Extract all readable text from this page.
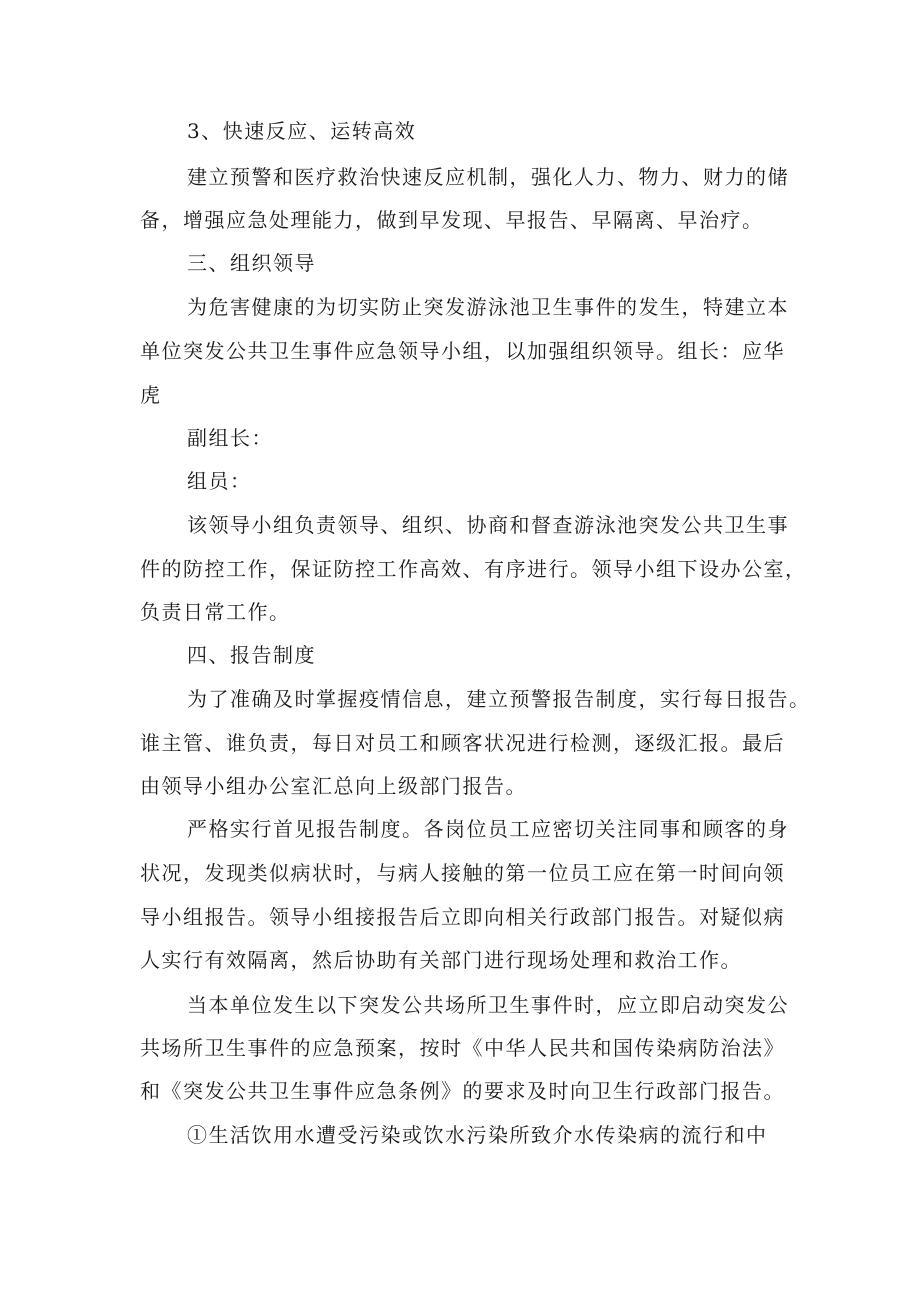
3、快速反应、运转高效
建立预警和医疗救治快速反应机制，强化人力、物力、财力的储
备，增强应急处理能力，做到早发现、早报告、早隔离、早治疗。
三、组织领导
为危害健康的为切实防止突发游泳池卫生事件的发生，特建立本
单位突发公共卫生事件应急领导小组，以加强组织领导。组长：应华
虎
副组长：
组员：
该领导小组负责领导、组织、协商和督查游泳池突发公共卫生事
件的防控工作，保证防控工作高效、有序进行。领导小组下设办公室，
负责日常工作。
四、报告制度
为了准确及时掌握疫情信息，建立预警报告制度，实行每日报告。
谁主管、谁负责，每日对员工和顾客状况进行检测，逐级汇报。最后
由领导小组办公室汇总向上级部门报告。
严格实行首见报告制度。各岗位员工应密切关注同事和顾客的身
状况，发现类似病状时，与病人接触的第一位员工应在第一时间向领
导小组报告。领导小组接报告后立即向相关行政部门报告。对疑似病
人实行有效隔离，然后协助有关部门进行现场处理和救治工作。
当本单位发生以下突发公共场所卫生事件时，应立即启动突发公
共场所卫生事件的应急预案，按时《中华人民共和国传染病防治法》
和《突发公共卫生事件应急条例》的要求及时向卫生行政部门报告。
①生活饮用水遭受污染或饮水污染所致介水传染病的流行和中
